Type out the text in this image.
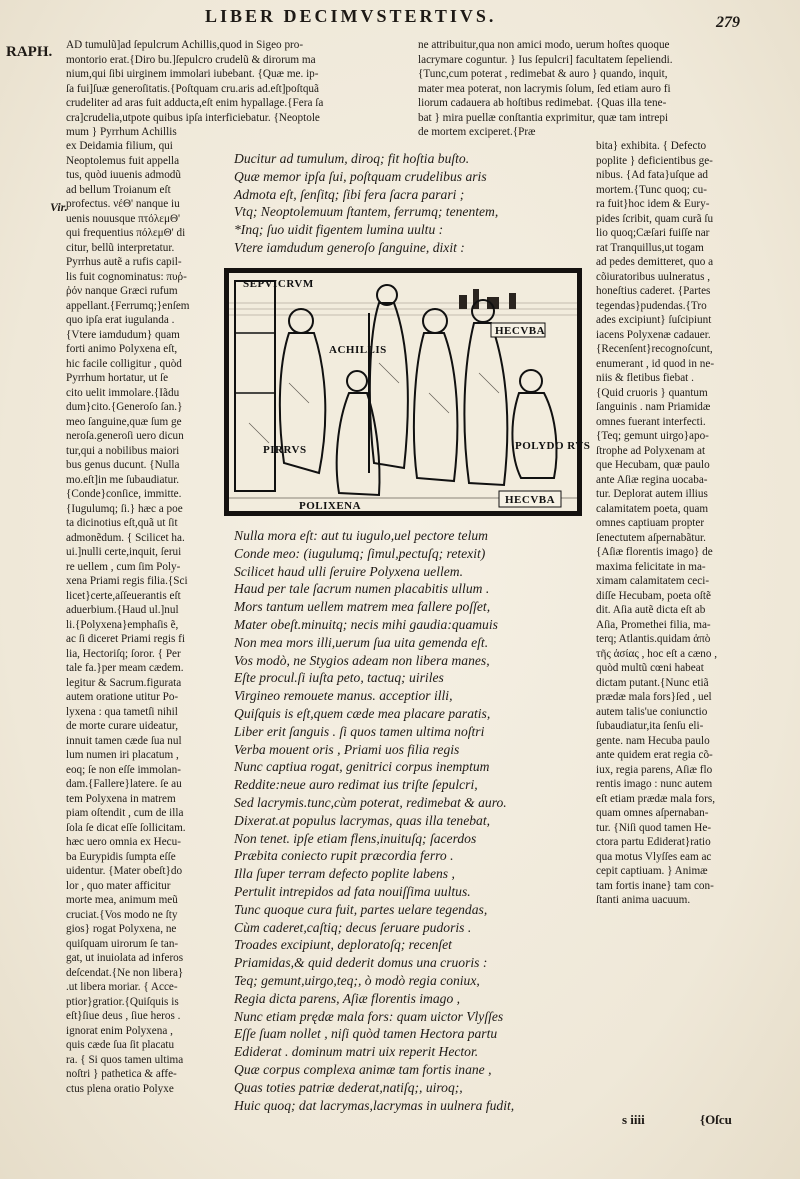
LIBER DECIMVSTERTIVS.	279
RAPH.
Vir.
AD tumulũ]ad ſepulcrum Achillis,quod in Sigeo pro-
montorio erat.{Diro bu.]ſepulcro crudelũ & dirorum ma
nium,qui ſibi uirginem immolari iubebant. {Quæ me. ip-
ſa fui]ſuæ generoſitatis.{Poſtquam cru.aris ad.eſt]poſtquã
crudeliter ad aras fuit adducta,eſt enim hypallage.{Fera ſa
cra]crudelia,utpote quibus ipſa interficiebatur. {Neoptole
mum } Pyrrhum Achillis
ne attribuitur,qua non amici modo, uerum hoſtes quoque
lacrymare coguntur. } Ius ſepulcri] facultatem ſepeliendi.
{Tunc,cum poterat , redimebat & auro } quando, inquit,
mater mea poterat, non lacrymis ſolum, ſed etiam auro fi
liorum cadauera ab hoſtibus redimebat. {Quas illa tene-
bat } mira puellæ conſtantia exprimitur, quæ tam intrepi
de mortem exciperet.{Præ
ex Deidamia filium, qui
Neoptolemus fuit appella
tus, quòd iuuenis admodũ
ad bellum Troianum eſt
profectus. νέΘ' nanque iu
uenis nouusque πτόλεμΘ'
qui frequentius πόλεμΘ' di
citur, bellũ interpretatur.
Pyrrhus autẽ a rufis capil-
lis fuit cognominatus: πυῤ-
ῥόν nanque Græci rufum
appellant.{Ferrumq;}enſem
quo ipſa erat iugulanda .
{Vtere iamdudum} quam
forti animo Polyxena eſt,
hic facile colligitur , quòd
Pyrrhum hortatur, ut ſe
cito uelit immolare.{Iãdu
dum}cito.{Generoſo ſan.}
meo ſanguine,quæ ſum ge
neroſa.generoſi uero dicun
tur,qui a nobilibus maiori
bus genus ducunt. {Nulla
mo.eſt]in me ſubaudiatur.
{Conde}conſice, immitte.
{Iugulumq; ſi.} hæc a poe
ta dicinotius eſt,quã ut ſit
admonẽdum. { Scilicet ha.
ui.]nulli certe,inquit, ſerui
re uellem , cum ſim Poly-
xena Priami regis filia.{Sci
licet}certe,aſſeuerantis eſt
aduerbium.{Haud ul.]nul
li.{Polyxena}emphaſis ẽ,
ac ſi diceret Priami regis fi
lia, Hectoriſq; ſoror. { Per
tale fa.}per meam cædem.
legitur & Sacrum.figurata
autem oratione utitur Po-
lyxena : qua tametſi nihil
de morte curare uideatur,
innuit tamen cæde ſua nul
lum numen iri placatum ,
eoq; ſe non eſſe immolan-
dam.{Fallere}latere. ſe au
tem Polyxena in matrem
piam oſtendit , cum de illa
ſola ſe dicat eſſe ſollicitam.
hæc uero omnia ex Hecu-
ba Eurypidis ſumpta eſſe
uidentur. {Mater obeſt}do
lor , quo mater afficitur
morte mea, animum meũ
cruciat.{Vos modo ne ſty
gios} rogat Polyxena, ne
quiſquam uirorum ſe tan-
gat, ut inuiolata ad inferos
deſcendat.{Ne non libera}
.ut libera moriar. { Acce-
ptior}gratior.{Quiſquis is
eſt}ſiue deus , ſiue heros .
ignorat enim Polyxena ,
quis cæde ſua ſit placatu
ra. { Si quos tamen ultima
noſtri } pathetica & affe-
ctus plena oratio Polyxe
bita} exhibita. { Defecto
poplite } deficientibus ge-
nibus. {Ad fata}uſque ad
mortem.{Tunc quoq; cu-
ra fuit}hoc idem & Eury-
pides ſcribit, quam curã ſu
lio quoq;Cæſari fuiſſe nar
rat Tranquillus,ut togam
ad pedes demitteret, quo a
cõiuratoribus uulneratus ,
honeſtius caderet. {Partes
tegendas}pudendas.{Tro
ades excipiunt} ſuſcipiunt
iacens Polyxenæ cadauer.
{Recenſent}recognoſcunt,
enumerant , id quod in ne-
niis & fletibus fiebat .
{Quid cruoris } quantum
ſanguinis . nam Priamidæ
omnes fuerant interfecti.
{Teq; gemunt uirgo}apo-
ſtrophe ad Polyxenam at
que Hecubam, quæ paulo
ante Aſiæ regina uocaba-
tur. Deplorat autem illius
calamitatem poeta, quam
omnes captiuam propter
ſenectutem aſpernabãtur.
{Aſiæ florentis imago} de
maxima felicitate in ma-
ximam calamitatem ceci-
diſſe Hecubam, poeta oſtẽ
dit. Aſia autẽ dicta eſt ab
Aſia, Promethei filia, ma-
terq; Atlantis.quidam ἀπὸ
τῆς ἀσίας , hoc eſt a cæno ,
quòd multũ cœni habeat
dictam putant.{Nunc etiã
prædæ mala fors}ſed , uel
autem talis'ue coniunctio
ſubaudiatur,ita ſenſu eli-
gente. nam Hecuba paulo
ante quidem erat regia cõ-
iux, regia parens, Aſiæ flo
rentis imago : nunc autem
eſt etiam prædæ mala fors,
quam omnes aſpernaban-
tur. {Niſi quod tamen He-
ctora partu Ediderat}ratio
qua motus Vlyſſes eam ac
cepit captiuam. } Animæ
tam fortis inane} tam con-
ſtanti anima uacuum.
Ducitur ad tumulum, diroq; fit hoſtia buſto.
Quæ memor ipſa ſui, poſtquam crudelibus aris
Admota eſt, ſenſitq; ſibi fera ſacra parari ;
Vtq; Neoptolemuum ſtantem, ferrumq; tenentem,
*Inq; ſuo uidit figentem lumina uultu :
Vtere iamdudum generoſo ſanguine, dixit :
SEPVICRVM
ACHILLIS
HECVBA
PIRRVS	POLYDO RVS
POLIXENA	HECVBA
Nulla mora eſt: aut tu iugulo,uel pectore telum
Conde meo: (iugulumq; ſimul,pectuſq; retexit)
Scilicet haud ulli ſeruire Polyxena uellem.
Haud per tale ſacrum numen placabitis ullum .
Mors tantum uellem matrem mea fallere poſſet,
Mater obeſt.minuitq; necis mihi gaudia:quamuis
Non mea mors illi,uerum ſua uita gemenda eſt.
Vos modò, ne Stygios adeam non libera manes,
Eſte procul.ſi iuſta peto, tactuq; uiriles
Virgineo remouete manus. acceptior illi,
Quiſquis is eſt,quem cæde mea placare paratis,
Liber erit ſanguis . ſi quos tamen ultima noſtri
Verba mouent oris , Priami uos filia regis
Nunc captiua rogat, genitrici corpus inemptum
Reddite:neue auro redimat ius triſte ſepulcri,
Sed lacrymis.tunc,cùm poterat, redimebat & auro.
Dixerat.at populus lacrymas, quas illa tenebat,
Non tenet. ipſe etiam flens,inuituſq; ſacerdos
Præbita coniecto rupit præcordia ferro .
Illa ſuper terram defecto poplite labens ,
Pertulit intrepidos ad fata nouiſſima uultus.
Tunc quoque cura fuit, partes uelare tegendas,
Cùm caderet,caſtiq; decus ſeruare pudoris .
Troades excipiunt, deploratoſq; recenſet
Priamidas,& quid dederit domus una cruoris :
Teq; gemunt,uirgo,teq;, ò modò regia coniux,
Regia dicta parens, Aſiæ florentis imago ,
Nunc etiam prędæ mala fors: quam uictor Vlyſſes
Eſſe ſuam nollet , niſi quòd tamen Hectora partu
Ediderat . dominum matri uix reperit Hector.
Quæ corpus complexa animæ tam fortis inane ,
Quas toties patriæ dederat,natiſq;, uiroq;,
Huic quoq; dat lacrymas,lacrymas in uulnera fudit,
s iiii	{Oſcu
